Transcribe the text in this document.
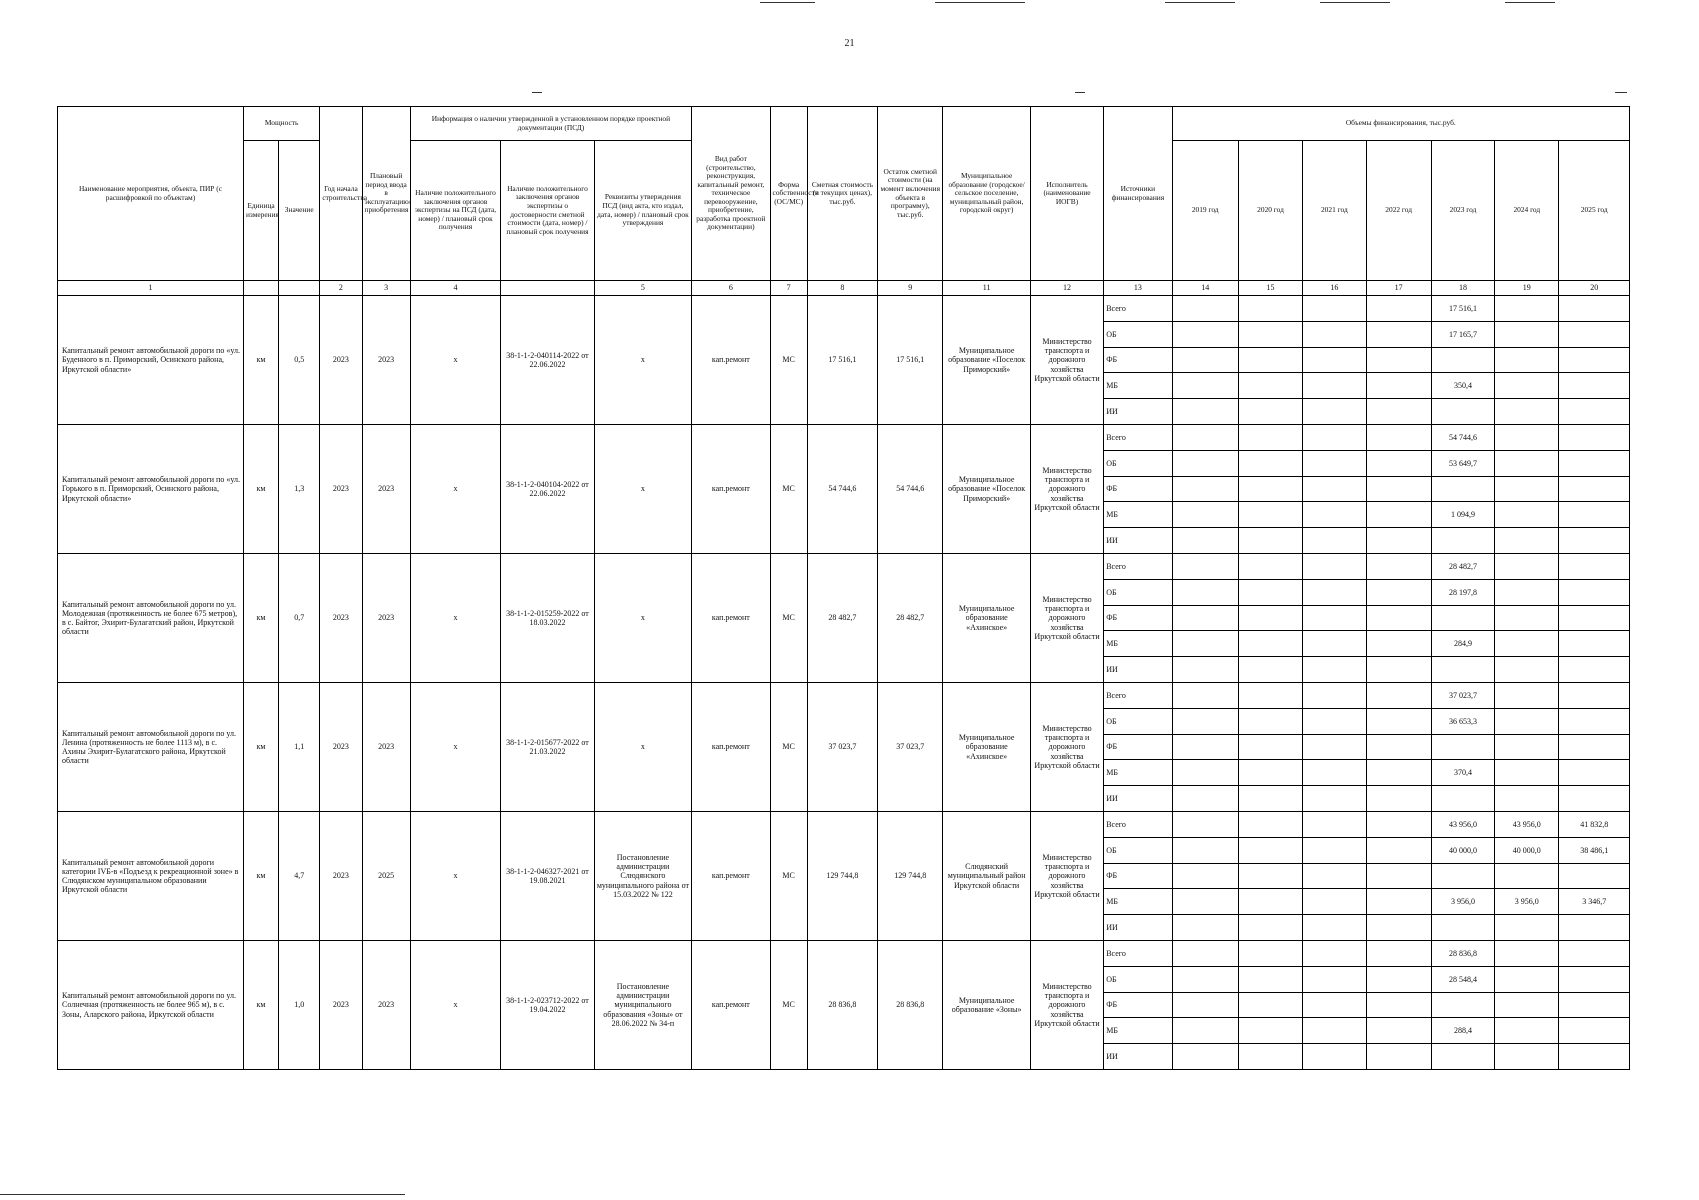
21
Наименование мероприятия, объекта, ПИР (с расшифровкой по объектам)	Мощность		Год начала строительства	Плановый период ввода в эксплуатацию/приобретения	Информация о наличии утвержденной в установленном порядке проектной документации (ПСД)			Вид работ (строительство, реконструкция, капитальный ремонт, техническое перевооружение, приобретение, разработка проектной документации)	Форма собственности (ОС/МС)	Сметная стоимость (в текущих ценах), тыс.руб.	Остаток сметной стоимости (на момент включения объекта в программу), тыс.руб.	Муниципальное образование (городское/сельское поселение, муниципальный район, городской округ)	Исполнитель (наименование ИОГВ)	Источники финансирования	Объемы финансирования, тыс.руб.						
	Единица измерения	Значение			Наличие положительного заключения органов экспертизы на ПСД (дата, номер) / плановый срок получения	Наличие положительного заключения органов экспертизы о достоверности сметной стоимости (дата, номер) / плановый срок получения	Реквизиты утверждения ПСД (вид акта, кто издал, дата, номер) / плановый срок утверждения								2019 год	2020 год	2021 год	2022 год	2023 год	2024 год	2025 год
1			2	3	4		5	6	7	8	9	11	12	13	14	15	16	17	18	19	20
Капитальный ремонт автомобильной дороги по «ул. Буденного в п. Приморский, Осинского района, Иркутской области»	км	0,5	2023	2023	х	38-1-1-2-040114-2022 от 22.06.2022	х	кап.ремонт	МС	17 516,1	17 516,1	Муниципальное образование «Поселок Приморский»	Министерство транспорта и дорожного хозяйства Иркутской области	Всего					17 516,1		
														ОБ					17 165,7		
														ФБ							
														МБ					350,4		
														ИИ							
Капитальный ремонт автомобильной дороги по «ул. Горького в п. Приморский, Осинского района, Иркутской области»	км	1,3	2023	2023	х	38-1-1-2-040104-2022 от 22.06.2022	х	кап.ремонт	МС	54 744,6	54 744,6	Муниципальное образование «Поселок Приморский»	Министерство транспорта и дорожного хозяйства Иркутской области	Всего					54 744,6		
														ОБ					53 649,7		
														ФБ							
														МБ					1 094,9		
														ИИ							
Капитальный ремонт автомобильной дороги по ул. Молодежная (протяженность не более 675 метров), в с. Байтог, Эхирит-Булагатский район, Иркутской области	км	0,7	2023	2023	х	38-1-1-2-015259-2022 от 18.03.2022	х	кап.ремонт	МС	28 482,7	28 482,7	Муниципальное образование «Ахинское»	Министерство транспорта и дорожного хозяйства Иркутской области	Всего					28 482,7		
														ОБ					28 197,8		
														ФБ							
														МБ					284,9		
														ИИ							
Капитальный ремонт автомобильной дороги по ул. Ленина (протяженность не более 1113 м), в с. Ахины Эхирит-Булагатского района, Иркутской области	км	1,1	2023	2023	х	38-1-1-2-015677-2022 от 21.03.2022	х	кап.ремонт	МС	37 023,7	37 023,7	Муниципальное образование «Ахинское»	Министерство транспорта и дорожного хозяйства Иркутской области	Всего					37 023,7		
														ОБ					36 653,3		
														ФБ							
														МБ					370,4		
														ИИ							
Капитальный ремонт автомобильной дороги категории IVБ-в «Подъезд к рекреационной зоне» в Слюдянском муниципальном образовании Иркутской области	км	4,7	2023	2025	х	38-1-1-2-046327-2021 от 19.08.2021	Постановление администрации Слюдянского муниципального района от 15.03.2022 № 122	кап.ремонт	МС	129 744,8	129 744,8	Слюдянский муниципальный район Иркутской области	Министерство транспорта и дорожного хозяйства Иркутской области	Всего					43 956,0	43 956,0	41 832,8
														ОБ					40 000,0	40 000,0	38 486,1
														ФБ							
														МБ					3 956,0	3 956,0	3 346,7
														ИИ							
Капитальный ремонт автомобильной дороги по ул. Солнечная (протяженность не более 965 м), в с. Зоны, Аларского района, Иркутской области	км	1,0	2023	2023	х	38-1-1-2-023712-2022 от 19.04.2022	Постановление администрации муниципального образования «Зоны» от 28.06.2022 № 34-п	кап.ремонт	МС	28 836,8	28 836,8	Муниципальное образование «Зоны»	Министерство транспорта и дорожного хозяйства Иркутской области	Всего					28 836,8		
														ОБ					28 548,4		
														ФБ							
														МБ					288,4		
														ИИ							
